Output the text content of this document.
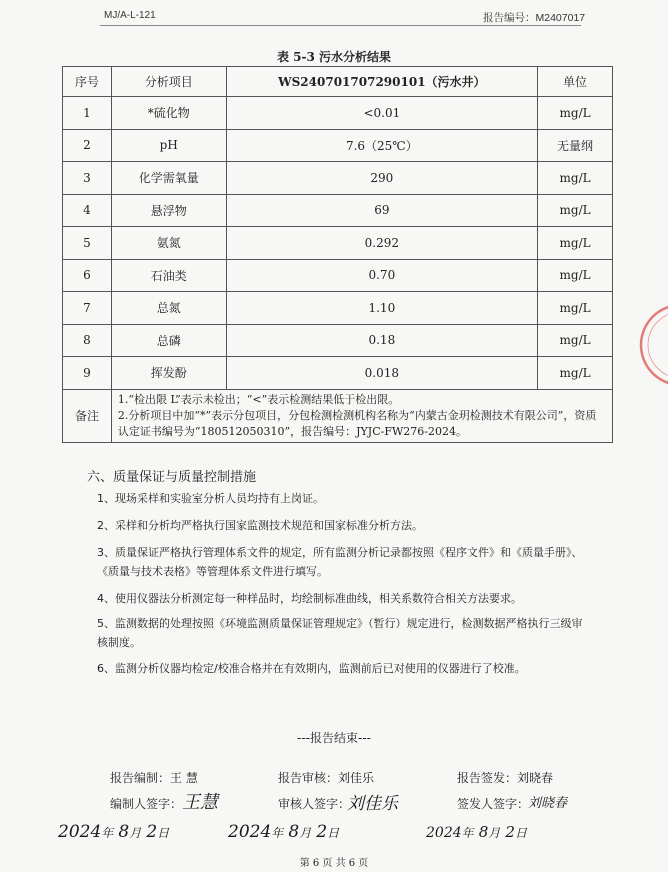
MJ/A-L-121	报告编号：M2407017
表 5-3 污水分析结果
序号	分析项目	WS240701707290101（污水井）	单位
1	*硫化物	<0.01	mg/L
2	pH	7.6（25℃）	无量纲
3	化学需氧量	290	mg/L
4	悬浮物	69	mg/L
5	氨氮	0.292	mg/L
6	石油类	0.70	mg/L
7	总氮	1.10	mg/L
8	总磷	0.18	mg/L
9	挥发酚	0.018	mg/L
备注	1.“检出限 L”表示未检出；“<”表示检测结果低于检出限。
2.分析项目中加“*”表示分包项目，分包检测检测机构名称为“内蒙古金玥检测技术有限公司”，资质认定证书编号为“180512050310”，报告编号：JYJC-FW276-2024。		
六、质量保证与质量控制措施
1、现场采样和实验室分析人员均持有上岗证。
2、采样和分析均严格执行国家监测技术规范和国家标准分析方法。
3、质量保证严格执行管理体系文件的规定，所有监测分析记录都按照《程序文件》和《质量手册》、《质量与技术表格》等管理体系文件进行填写。
4、使用仪器法分析测定每一种样品时，均绘制标准曲线，相关系数符合相关方法要求。
5、监测数据的处理按照《环境监测质量保证管理规定》（暂行）规定进行，检测数据严格执行三级审核制度。
6、监测分析仪器均检定/校准合格并在有效期内，监测前后已对使用的仪器进行了校准。
---报告结束---
报告编制：王 慧	报告审核：刘佳乐	报告签发：刘晓春
编制人签字：	审核人签字：	签发人签字：
王慧	刘佳乐	刘晓春
2024年 8月 2日	2024年 8月 2日	2024年 8月 2日
第 6 页 共 6 页
